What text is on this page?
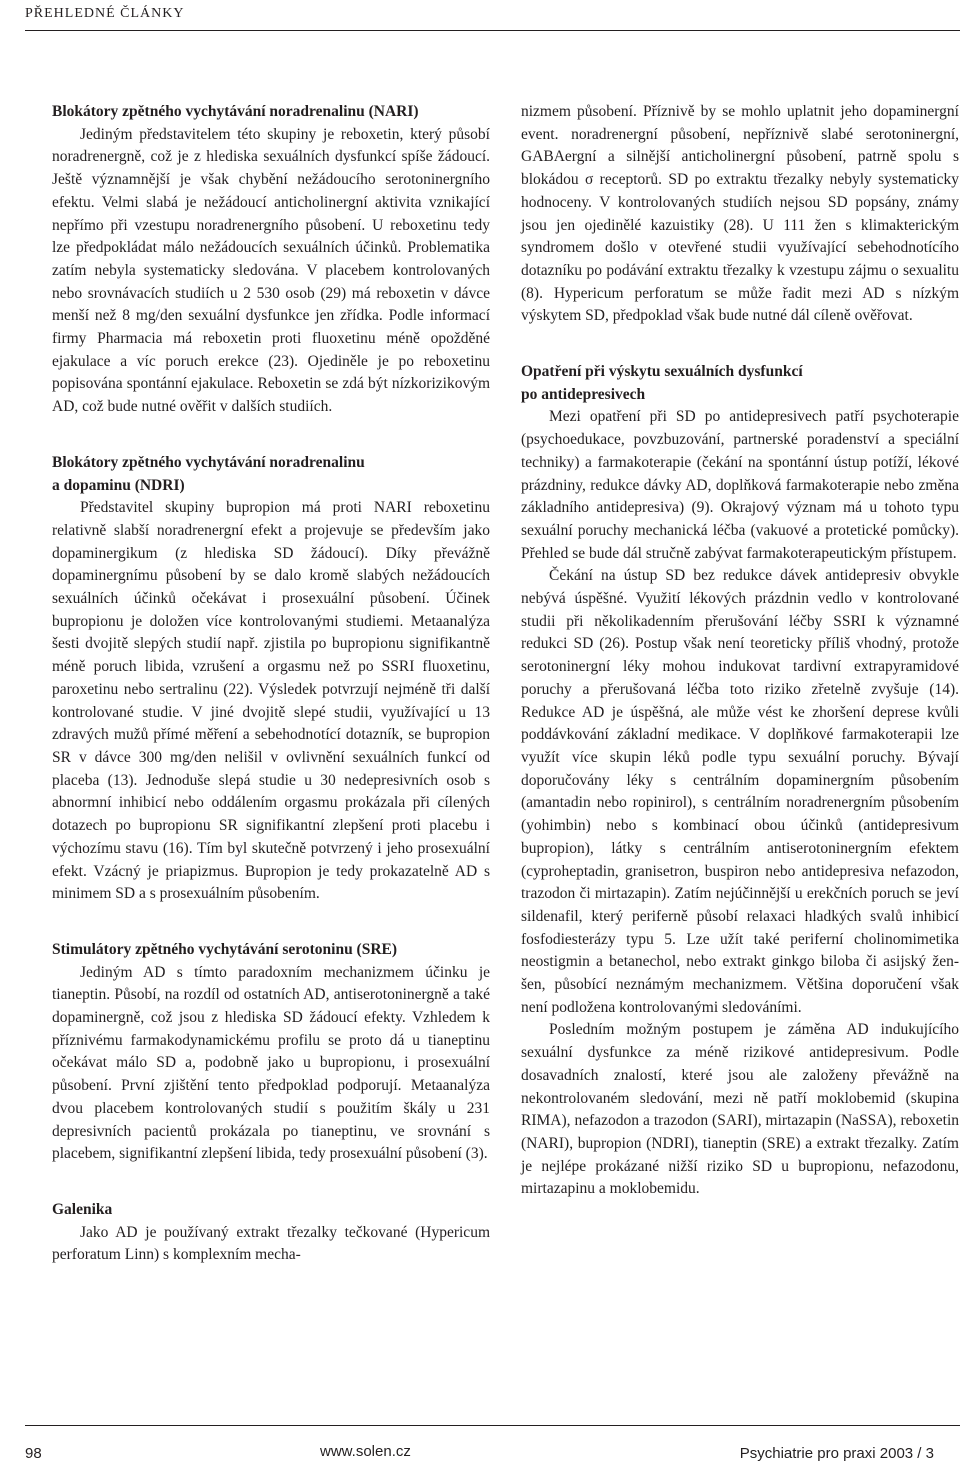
PŘEHLEDNÉ ČLÁNKY
Blokátory zpětného vychytávání noradrenalinu (NARI)

Jediným představitelem této skupiny je reboxetin, který působí noradrenergně, což je z hlediska sexuálních dysfunkcí spíše žádoucí. Ještě významnější je však chybění nežádoucího serotoninergního efektu. Velmi slabá je nežádoucí anticholinergní aktivita vznikající nepřímo při vzestupu noradrenergního působení. U reboxetinu tedy lze předpokládat málo nežádoucích sexuálních účinků. Problematika zatím nebyla systematicky sledována. V placebem kontrolovaných nebo srovnávacích studiích u 2 530 osob (29) má reboxetin v dávce menší než 8 mg/den sexuální dysfunkce jen zřídka. Podle informací firmy Pharmacia má reboxetin proti fluoxetinu méně opožděné ejakulace a víc poruch erekce (23). Ojediněle je po reboxetinu popisována spontánní ejakulace. Reboxetin se zdá být nízkorizikovým AD, což bude nutné ověřit v dalších studiích.

Blokátory zpětného vychytávání noradrenalinu
a dopaminu (NDRI)

Představitel skupiny bupropion má proti NARI reboxetinu relativně slabší noradrenergní efekt a projevuje se především jako dopaminergikum (z hlediska SD žádoucí). Díky převážně dopaminergnímu působení by se dalo kromě slabých nežádoucích sexuálních účinků očekávat i prosexuální působení. Účinek bupropionu je doložen více kontrolovanými studiemi. Metaanalýza šesti dvojitě slepých studií např. zjistila po bupropionu signifikantně méně poruch libida, vzrušení a orgasmu než po SSRI fluoxetinu, paroxetinu nebo sertralinu (22). Výsledek potvrzují nejméně tři další kontrolované studie. V jiné dvojitě slepé studii, využívající u 13 zdravých mužů přímé měření a sebehodnotící dotazník, se bupropion SR v dávce 300 mg/den nelišil v ovlivnění sexuálních funkcí od placeba (13). Jednoduše slepá studie u 30 nedepresivních osob s abnormní inhibicí nebo oddálením orgasmu prokázala při cílených dotazech po bupropionu SR signifikantní zlepšení proti placebu i výchozímu stavu (16). Tím byl skutečně potvrzený i jeho prosexuální efekt. Vzácný je priapizmus. Bupropion je tedy prokazatelně AD s minimem SD a s prosexuálním působením.

Stimulátory zpětného vychytávání serotoninu (SRE)

Jediným AD s tímto paradoxním mechanizmem účinku je tianeptin. Působí, na rozdíl od ostatních AD, antiserotoninergně a také dopaminergně, což jsou z hlediska SD žádoucí efekty. Vzhledem k příznivému farmakodynamickému profilu se proto dá u tianeptinu očekávat málo SD a, podobně jako u bupropionu, i prosexuální působení. První zjištění tento předpoklad podporují. Metaanalýza dvou placebem kontrolovaných studií s použitím škály u 231 depresivních pacientů prokázala po tianeptinu, ve srovnání s placebem, signifikantní zlepšení libida, tedy prosexuální působení (3).

Galenika

Jako AD je používaný extrakt třezalky tečkované (Hypericum perforatum Linn) s komplexním mecha-

nizmem působení. Příznivě by se mohlo uplatnit jeho dopaminergní event. noradrenergní působení, nepříznivě slabé serotoninergní, GABAergní a silnější anticholinergní působení, patrně spolu s blokádou σ receptorů. SD po extraktu třezalky nebyly systematicky hodnoceny. V kontrolovaných studiích nejsou SD popsány, známy jsou jen ojedinělé kazuistiky (28). U 111 žen s klimakterickým syndromem došlo v otevřené studii využívající sebehodnotícího dotazníku po podávání extraktu třezalky k vzestupu zájmu o sexualitu (8). Hypericum perforatum se může řadit mezi AD s nízkým výskytem SD, předpoklad však bude nutné dál cíleně ověřovat.

Opatření při výskytu sexuálních dysfunkcí
po antidepresivech

Mezi opatření při SD po antidepresivech patří psychoterapie (psychoedukace, povzbuzování, partnerské poradenství a speciální techniky) a farmakoterapie (čekání na spontánní ústup potíží, lékové prázdniny, redukce dávky AD, doplňková farmakoterapie nebo změna základního antidepresiva) (9). Okrajový význam má u tohoto typu sexuální poruchy mechanická léčba (vakuové a protetické pomůcky). Přehled se bude dál stručně zabývat farmakoterapeutickým přístupem.

Čekání na ústup SD bez redukce dávek antidepresiv obvykle nebývá úspěšné. Využití lékových prázdnin vedlo v kontrolované studii při několikadenním přerušování léčby SSRI k významné redukci SD (26). Postup však není teoreticky příliš vhodný, protože serotoninergní léky mohou indukovat tardivní extrapyramidové poruchy a přerušovaná léčba toto riziko zřetelně zvyšuje (14). Redukce AD je úspěšná, ale může vést ke zhoršení deprese kvůli poddávkování základní medikace. V doplňkové farmakoterapii lze využít více skupin léků podle typu sexuální poruchy. Bývají doporučovány léky s centrálním dopaminergním působením (amantadin nebo ropinirol), s centrálním noradrenergním působením (yohimbin) nebo s kombinací obou účinků (antidepresivum bupropion), látky s centrálním antiserotoninergním efektem (cyproheptadin, granisetron, buspiron nebo antidepresiva nefazodon, trazodon či mirtazapin). Zatím nejúčinnější u erekčních poruch se jeví sildenafil, který periferně působí relaxaci hladkých svalů inhibicí fosfodiesterázy typu 5. Lze užít také periferní cholinomimetika neostigmin a betanechol, nebo extrakt ginkgo biloba či asijský žen-šen, působící neznámým mechanizmem. Většina doporučení však není podložena kontrolovanými sledováními.

Posledním možným postupem je záměna AD indukujícího sexuální dysfunkce za méně rizikové antidepresivum. Podle dosavadních znalostí, které jsou ale založeny převážně na nekontrolovaném sledování, mezi ně patří moklobemid (skupina RIMA), nefazodon a trazodon (SARI), mirtazapin (NaSSA), reboxetin (NARI), bupropion (NDRI), tianeptin (SRE) a extrakt třezalky. Zatím je nejlépe prokázané nižší riziko SD u bupropionu, nefazodonu, mirtazapinu a moklobemidu.

98	www.solen.cz	Psychiatrie pro praxi 2003 / 3
